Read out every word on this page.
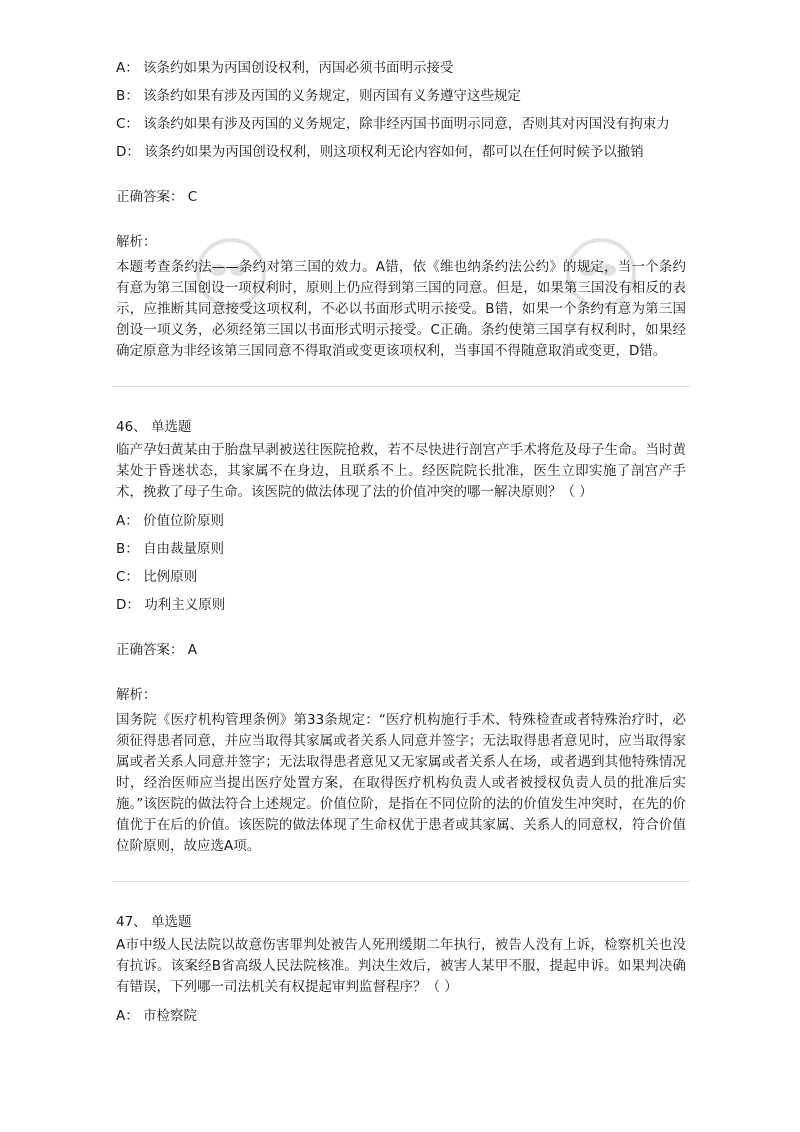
A： 该条约如果为丙国创设权利，丙国必须书面明示接受
B： 该条约如果有涉及丙国的义务规定，则丙国有义务遵守这些规定
C： 该条约如果有涉及丙国的义务规定，除非经丙国书面明示同意，否则其对丙国没有拘束力
D： 该条约如果为丙国创设权利，则这项权利无论内容如何，都可以在任何时候予以撤销
正确答案： C
解析：
本题考查条约法——条约对第三国的效力。A错，依《维也纳条约法公约》的规定，当一个条约有意为第三国创设一项权利时，原则上仍应得到第三国的同意。但是，如果第三国没有相反的表示，应推断其同意接受这项权利，不必以书面形式明示接受。B错，如果一个条约有意为第三国创设一项义务，必须经第三国以书面形式明示接受。C正确。条约使第三国享有权利时，如果经确定原意为非经该第三国同意不得取消或变更该项权利，当事国不得随意取消或变更，D错。
46、 单选题
临产孕妇黄某由于胎盘早剥被送往医院抢救，若不尽快进行剖宫产手术将危及母子生命。当时黄某处于昏迷状态，其家属不在身边，且联系不上。经医院院长批准，医生立即实施了剖宫产手术，挽救了母子生命。该医院的做法体现了法的价值冲突的哪一解决原则？（ ）
A： 价值位阶原则
B： 自由裁量原则
C： 比例原则
D： 功利主义原则
正确答案： A
解析：
国务院《医疗机构管理条例》第33条规定：“医疗机构施行手术、特殊检查或者特殊治疗时，必须征得患者同意，并应当取得其家属或者关系人同意并签字；无法取得患者意见时，应当取得家属或者关系人同意并签字；无法取得患者意见又无家属或者关系人在场，或者遇到其他特殊情况时，经治医师应当提出医疗处置方案，在取得医疗机构负责人或者被授权负责人员的批准后实施。”该医院的做法符合上述规定。价值位阶，是指在不同位阶的法的价值发生冲突时，在先的价值优于在后的价值。该医院的做法体现了生命权优于患者或其家属、关系人的同意权，符合价值位阶原则，故应选A项。
47、 单选题
A市中级人民法院以故意伤害罪判处被告人死刑缓期二年执行，被告人没有上诉，检察机关也没有抗诉。该案经B省高级人民法院核准。判决生效后，被害人某甲不服，提起申诉。如果判决确有错误，下列哪一司法机关有权提起审判监督程序？（ ）
A： 市检察院
